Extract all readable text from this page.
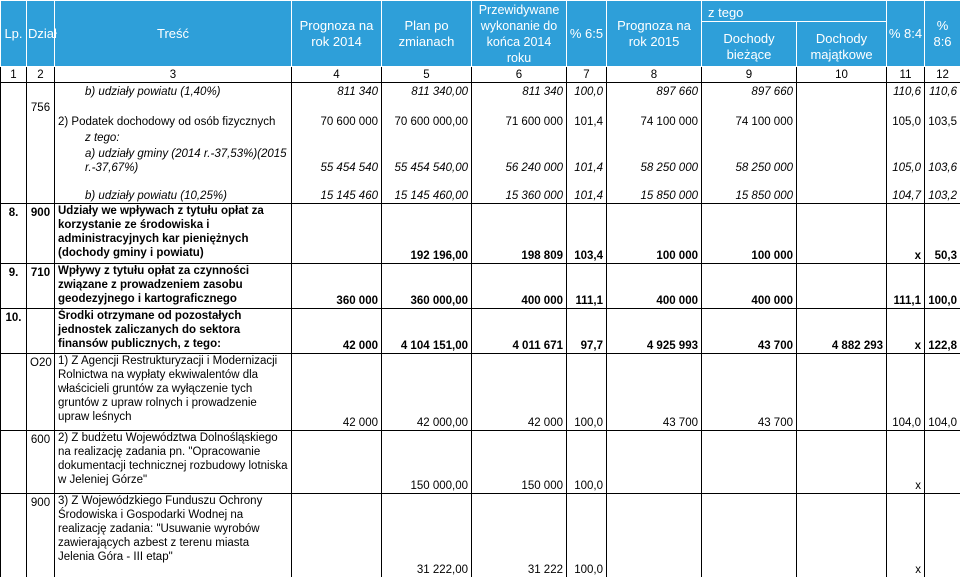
Lp.	Dział	Treść	Prognoza na rok 2014	Plan po zmianach	Przewidywane wykonanie do końca 2014 roku	% 6:5	Prognoza na rok 2015	z tego		% 8:4	% 8:6
								Dochody bieżące	Dochody majątkowe		
1	2	3	4	5	6	7	8	9	10	11	12
		b) udziały powiatu (1,40%)	811 340	811 340,00	811 340	100,0	897 660	897 660		110,6	110,6
	756	2) Podatek dochodowy od osób fizycznych	70 600 000	70 600 000,00	71 600 000	101,4	74 100 000	74 100 000		105,0	103,5
		z tego:									
		a) udziały gminy (2014 r.-37,53%)(2015 r.-37,67%)	55 454 540	55 454 540,00	56 240 000	101,4	58 250 000	58 250 000		105,0	103,6
		b) udziały powiatu (10,25%)	15 145 460	15 145 460,00	15 360 000	101,4	15 850 000	15 850 000		104,7	103,2
8.	900	Udziały we wpływach z tytułu opłat za korzystanie ze środowiska i administracyjnych kar pieniężnych (dochody gminy i powiatu)		192 196,00	198 809	103,4	100 000	100 000		x	50,3
9.	710	Wpływy z tytułu opłat za czynności związane z prowadzeniem zasobu geodezyjnego i kartograficznego	360 000	360 000,00	400 000	111,1	400 000	400 000		111,1	100,0
10.		Środki otrzymane od pozostałych jednostek zaliczanych do sektora finansów publicznych, z tego:	42 000	4 104 151,00	4 011 671	97,7	4 925 993	43 700	4 882 293	x	122,8
	O20	1) Z Agencji Restrukturyzacji i Modernizacji Rolnictwa na wypłaty ekwiwalentów dla właścicieli gruntów za wyłączenie tych gruntów z upraw rolnych i prowadzenie upraw leśnych	42 000	42 000,00	42 000	100,0	43 700	43 700		104,0	104,0
	600	2) Z budżetu Województwa Dolnośląskiego na realizację zadania pn. "Opracowanie dokumentacji technicznej rozbudowy lotniska w Jeleniej Górze"		150 000,00	150 000	100,0				x	
	900	3) Z Wojewódzkiego Funduszu Ochrony Środowiska i Gospodarki Wodnej na realizację zadania: "Usuwanie wyrobów zawierających azbest z terenu miasta Jelenia Góra - III etap"		31 222,00	31 222	100,0				x	
